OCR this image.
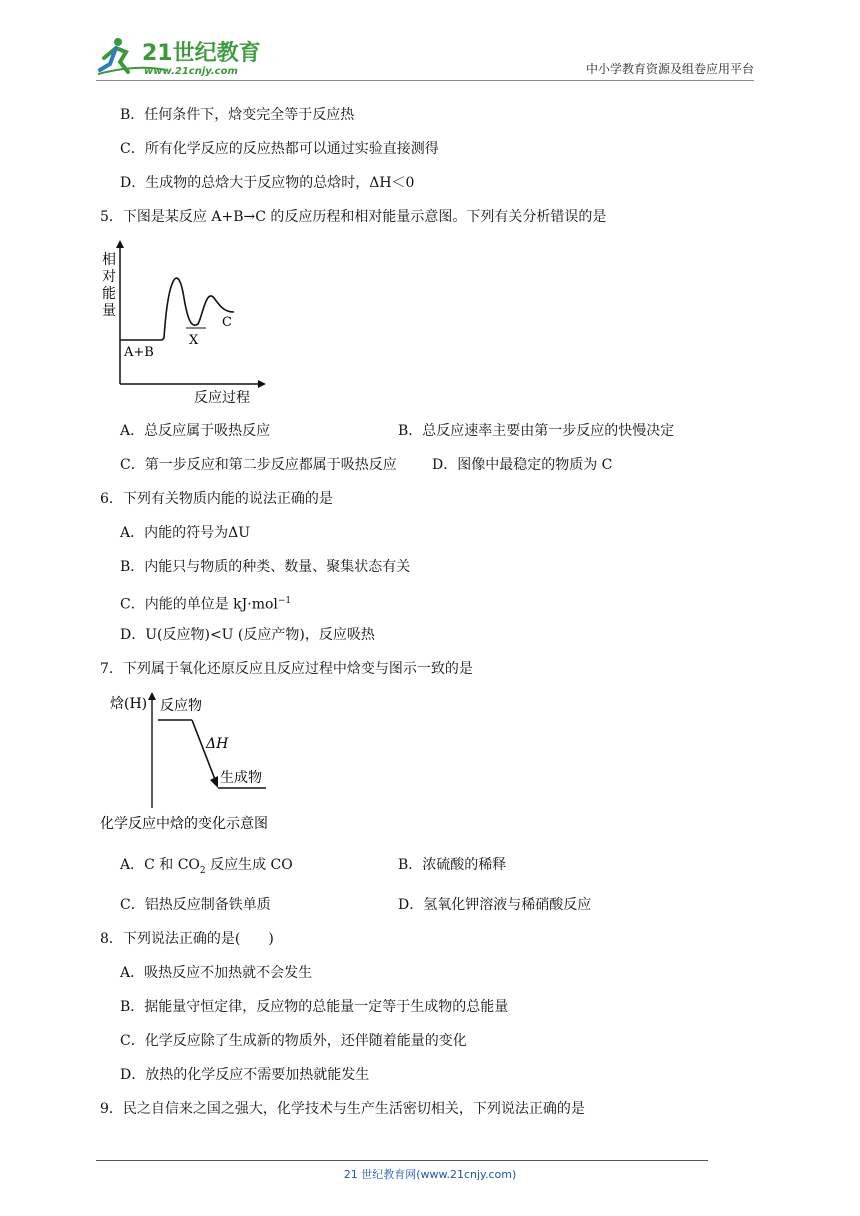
21世纪教育
www.21cnjy.com	中小学教育资源及组卷应用平台
B．任何条件下，焓变完全等于反应热
C．所有化学反应的反应热都可以通过实验直接测得
D．生成物的总焓大于反应物的总焓时，ΔH＜0
5．下图是某反应 A+B→C 的反应历程和相对能量示意图。下列有关分析错误的是
相
对
能
量
A+B
X
C
反应过程
A．总反应属于吸热反应	B．总反应速率主要由第一步反应的快慢决定
C．第一步反应和第二步反应都属于吸热反应	D．图像中最稳定的物质为 C
6．下列有关物质内能的说法正确的是
A．内能的符号为ΔU
B．内能只与物质的种类、数量、聚集状态有关
C．内能的单位是 kJ·mol$^{-1}$
D．U(反应物)<U (反应产物)，反应吸热
7．下列属于氧化还原反应且反应过程中焓变与图示一致的是
焓(H) 反应物
ΔH
生成物
化学反应中焓的变化示意图
A．C 和 $CO_2$ 反应生成 CO	B．浓硫酸的稀释
C．铝热反应制备铁单质	D．氢氧化钾溶液与稀硝酸反应
8．下列说法正确的是(　　)
A．吸热反应不加热就不会发生
B．据能量守恒定律，反应物的总能量一定等于生成物的总能量
C．化学反应除了生成新的物质外，还伴随着能量的变化
D．放热的化学反应不需要加热就能发生
9．民之自信来之国之强大，化学技术与生产生活密切相关，下列说法正确的是
21 世纪教育网(www.21cnjy.com)
